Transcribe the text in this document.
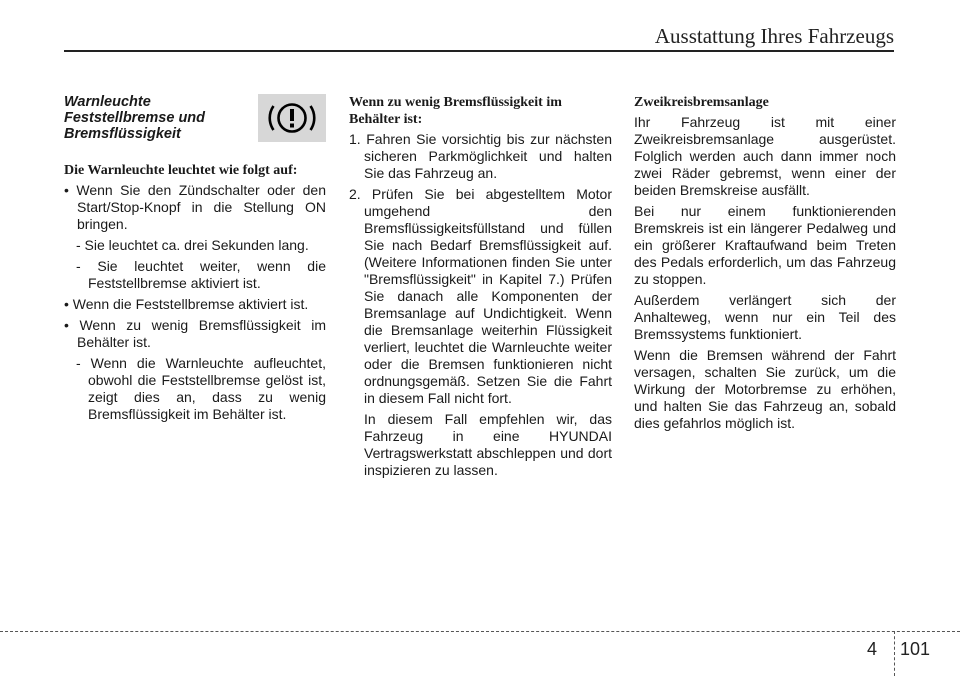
Ausstattung Ihres Fahrzeugs
Warnleuchte
Feststellbremse und
Bremsflüssigkeit
Die Warnleuchte leuchtet wie folgt auf:
• Wenn Sie den Zündschalter oder den Start/Stop-Knopf in die Stellung ON bringen.
- Sie leuchtet ca. drei Sekunden lang.
- Sie leuchtet weiter, wenn die Feststellbremse aktiviert ist.
• Wenn die Feststellbremse aktiviert ist.
• Wenn zu wenig Bremsflüssigkeit im Behälter ist.
- Wenn die Warnleuchte aufleuchtet, obwohl die Feststellbremse gelöst ist, zeigt dies an, dass zu wenig Bremsflüssigkeit im Behälter ist.
Wenn zu wenig Bremsflüssigkeit im Behälter ist:
1. Fahren Sie vorsichtig bis zur nächsten sicheren Parkmöglichkeit und halten Sie das Fahrzeug an.
2. Prüfen Sie bei abgestelltem Motor umgehend den Bremsflüssigkeitsfüllstand und füllen Sie nach Bedarf Bremsflüssigkeit auf. (Weitere Informationen finden Sie unter "Bremsflüssigkeit" in Kapitel 7.) Prüfen Sie danach alle Komponenten der Bremsanlage auf Undichtigkeit. Wenn die Bremsanlage weiterhin Flüssigkeit verliert, leuchtet die Warnleuchte weiter oder die Bremsen funktionieren nicht ordnungsgemäß. Setzen Sie die Fahrt in diesem Fall nicht fort.
In diesem Fall empfehlen wir, das Fahrzeug in eine HYUNDAI Vertragswerkstatt abschleppen und dort inspizieren zu lassen.
Zweikreisbremsanlage

Ihr Fahrzeug ist mit einer Zweikreisbremsanlage ausgerüstet. Folglich werden auch dann immer noch zwei Räder gebremst, wenn einer der beiden Bremskreise ausfällt.

Bei nur einem funktionierenden Bremskreis ist ein längerer Pedalweg und ein größerer Kraftaufwand beim Treten des Pedals erforderlich, um das Fahrzeug zu stoppen.

Außerdem verlängert sich der Anhalteweg, wenn nur ein Teil des Bremssystems funktioniert.

Wenn die Bremsen während der Fahrt versagen, schalten Sie zurück, um die Wirkung der Motorbremse zu erhöhen, und halten Sie das Fahrzeug an, sobald dies gefahrlos möglich ist.

4 101
